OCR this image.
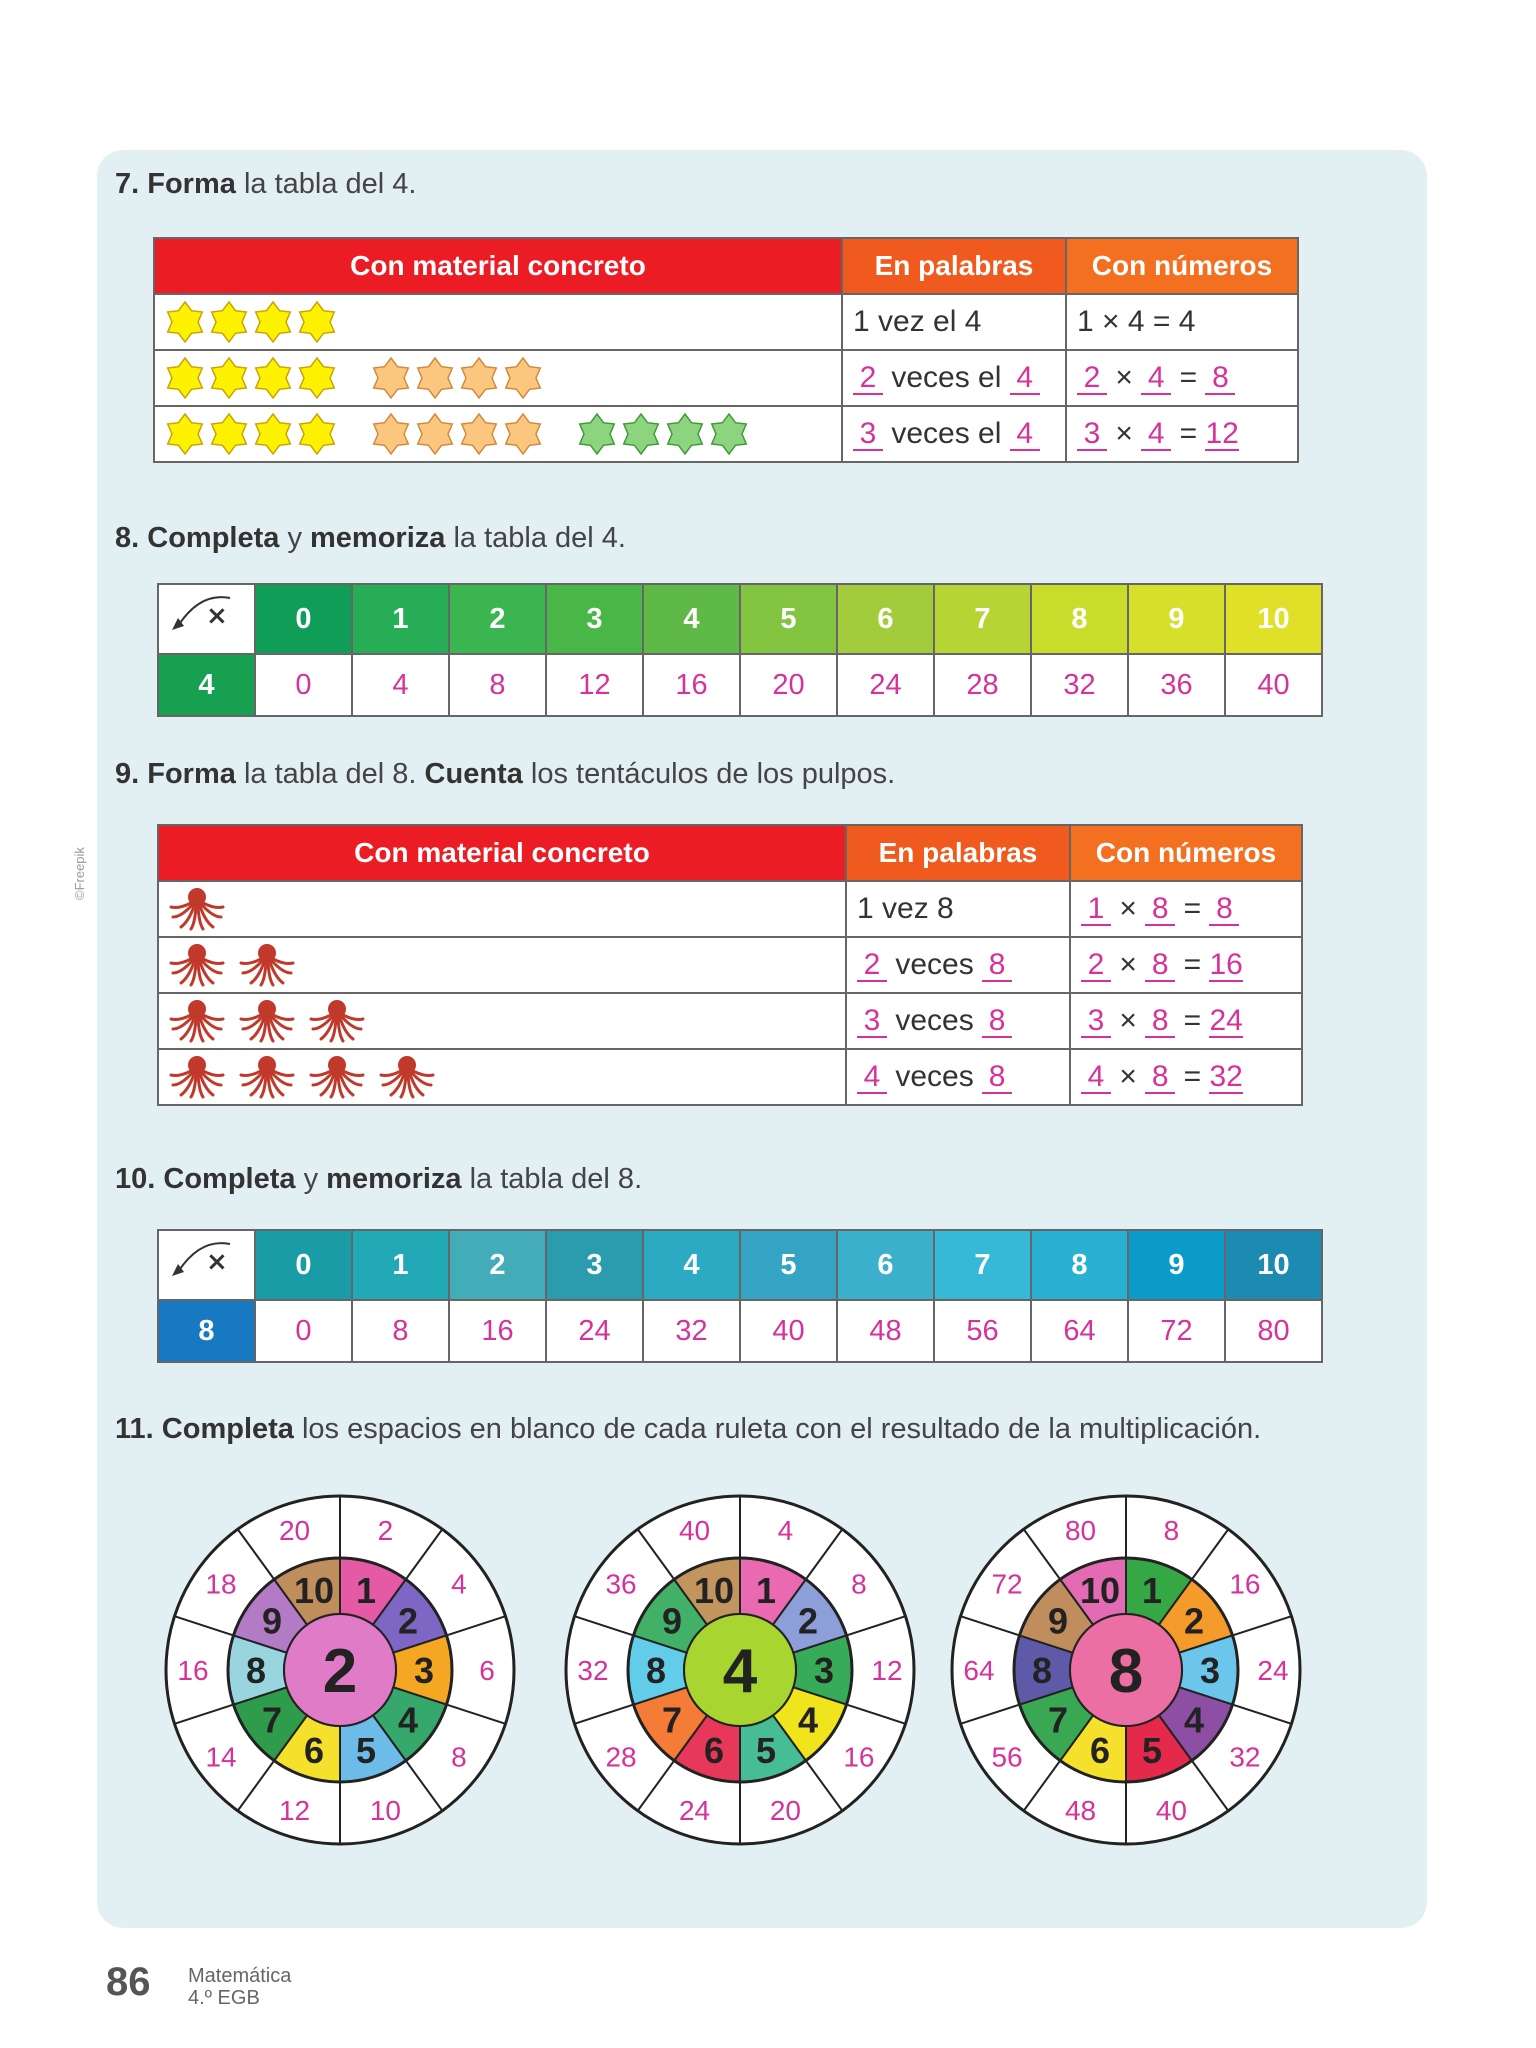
©Freepik
7. Forma la tabla del 4.
Con material concreto	En palabras	Con números

	1 vez el 4	1 × 4 = 4

	2 veces el 4	2 × 4 = 8

	3 veces el 4	3 × 4 = 12
8. Completa y memoriza la tabla del 4.
×	0	1	2	3	4	5	6	7	8	9	10
4	0	4	8	12	16	20	24	28	32	36	40
9. Forma la tabla del 8. Cuenta los tentáculos de los pulpos.
Con material concreto	En palabras	Con números
	1 vez 8	1 × 8 = 8
	2 veces 8	2 × 8 = 16
	3 veces 8	3 × 8 = 24
	4 veces 8	4 × 8 = 32
10. Completa y memoriza la tabla del 8.
×	0	1	2	3	4	5	6	7	8	9	10
8	0	8	16	24	32	40	48	56	64	72	80
11. Completa los espacios en blanco de cada ruleta con el resultado de la multiplicación.
1
2
2
4
3 6
4
8
5
10
6
12
7
14
8
16
9
18 10
20
2
1
4
2
8
3 12
4
16
5
20
6
24
7
28
8
32
9
36 10
40
4
1
8
2
16
3 24
4
32
5
40
6
48
7
56
8
64
9
72 10
80
8
86 Matemática
4.º EGB
